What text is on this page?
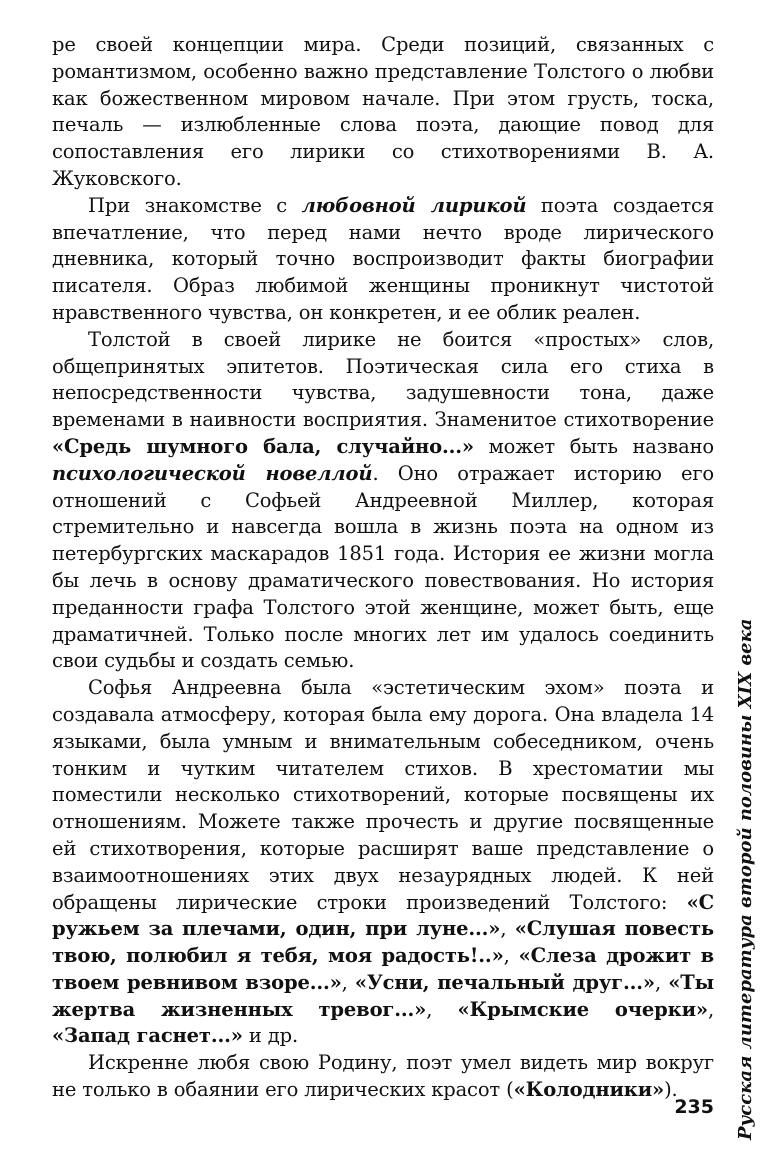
ре своей концепции мира. Среди позиций, связанных с романтизмом, особенно важно представление Толстого о любви как божественном мировом начале. При этом грусть, тоска, печаль — излюбленные слова поэта, дающие повод для сопоставления его лирики со стихотворениями В. А. Жуковского.

При знакомстве с любовной лирикой поэта создается впечатление, что перед нами нечто вроде лирического дневника, который точно воспроизводит факты биографии писателя. Образ любимой женщины проникнут чистотой нравственного чувства, он конкретен, и ее облик реален.

Толстой в своей лирике не боится «простых» слов, общепринятых эпитетов. Поэтическая сила его стиха в непосредственности чувства, задушевности тона, даже временами в наивности восприятия. Знаменитое стихотворение «Средь шумного бала, случайно...» может быть названо психологической новеллой. Оно отражает историю его отношений с Софьей Андреевной Миллер, которая стремительно и навсегда вошла в жизнь поэта на одном из петербургских маскарадов 1851 года. История ее жизни могла бы лечь в основу драматического повествования. Но история преданности графа Толстого этой женщине, может быть, еще драматичней. Только после многих лет им удалось соединить свои судьбы и создать семью.

Софья Андреевна была «эстетическим эхом» поэта и создавала атмосферу, которая была ему дорога. Она владела 14 языками, была умным и внимательным собеседником, очень тонким и чутким читателем стихов. В хрестоматии мы поместили несколько стихотворений, которые посвящены их отношениям. Можете также прочесть и другие посвященные ей стихотворения, которые расширят ваше представление о взаимоотношениях этих двух незаурядных людей. К ней обращены лирические строки произведений Толстого: «С ружьем за плечами, один, при луне...», «Слушая повесть твою, полюбил я тебя, моя радость!..», «Слеза дрожит в твоем ревнивом взоре...», «Усни, печальный друг...», «Ты жертва жизненных тревог...», «Крымские очерки», «Запад гаснет...» и др.

Искренне любя свою Родину, поэт умел видеть мир вокруг не только в обаянии его лирических красот («Колодники»).	Русская литература второй половины XIX века
235
